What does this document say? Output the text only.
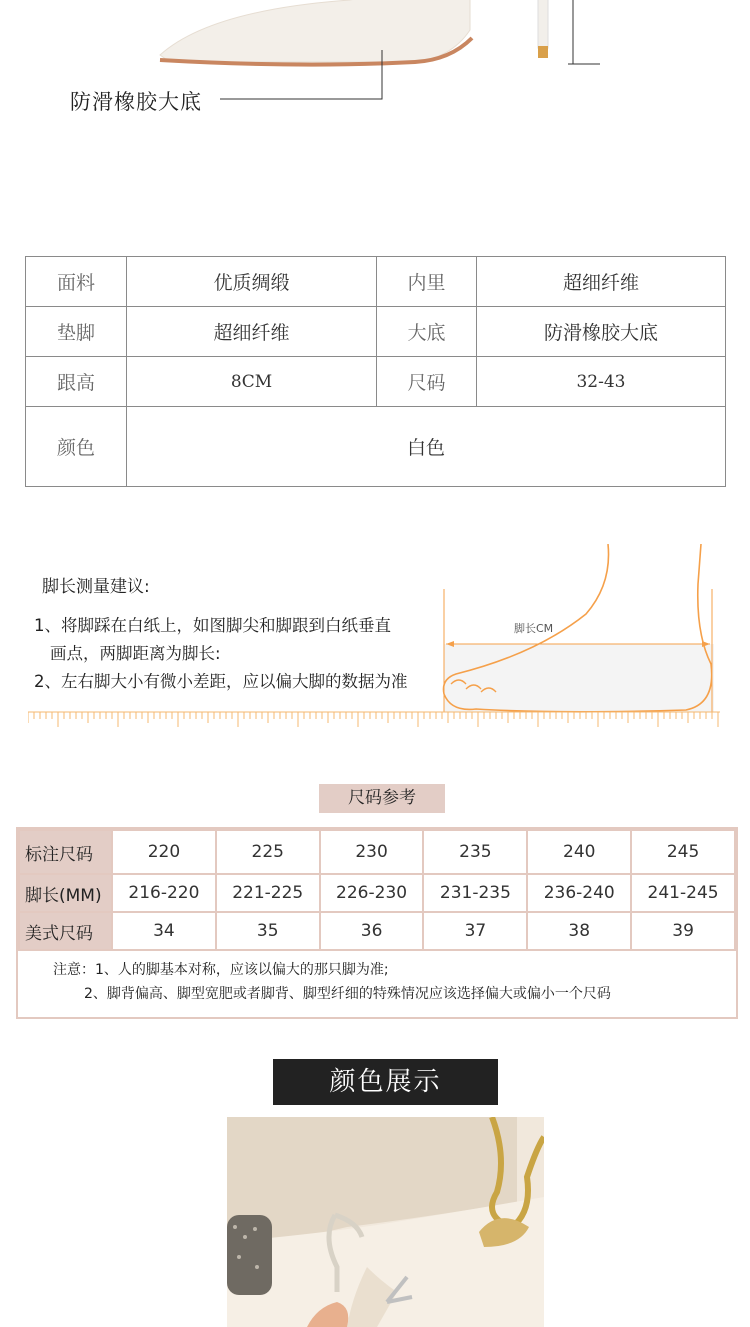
防滑橡胶大底
面料	优质绸缎	内里	超细纤维
垫脚	超细纤维	大底	防滑橡胶大底
跟高	8CM	尺码	32-43
颜色	白色		
脚长测量建议:
1、将脚踩在白纸上，如图脚尖和脚跟到白纸垂直
画点，两脚距离为脚长:
2、左右脚大小有微小差距，应以偏大脚的数据为准
脚长CM
尺码参考
标注尺码	220	225	230	235	240	245
脚长(MM)	216-220	221-225	226-230	231-235	236-240	241-245
美式尺码	34	35	36	37	38	39
注意：1、人的脚基本对称，应该以偏大的那只脚为准;
2、脚背偏高、脚型宽肥或者脚背、脚型纤细的特殊情况应该选择偏大或偏小一个尺码
颜色展示
